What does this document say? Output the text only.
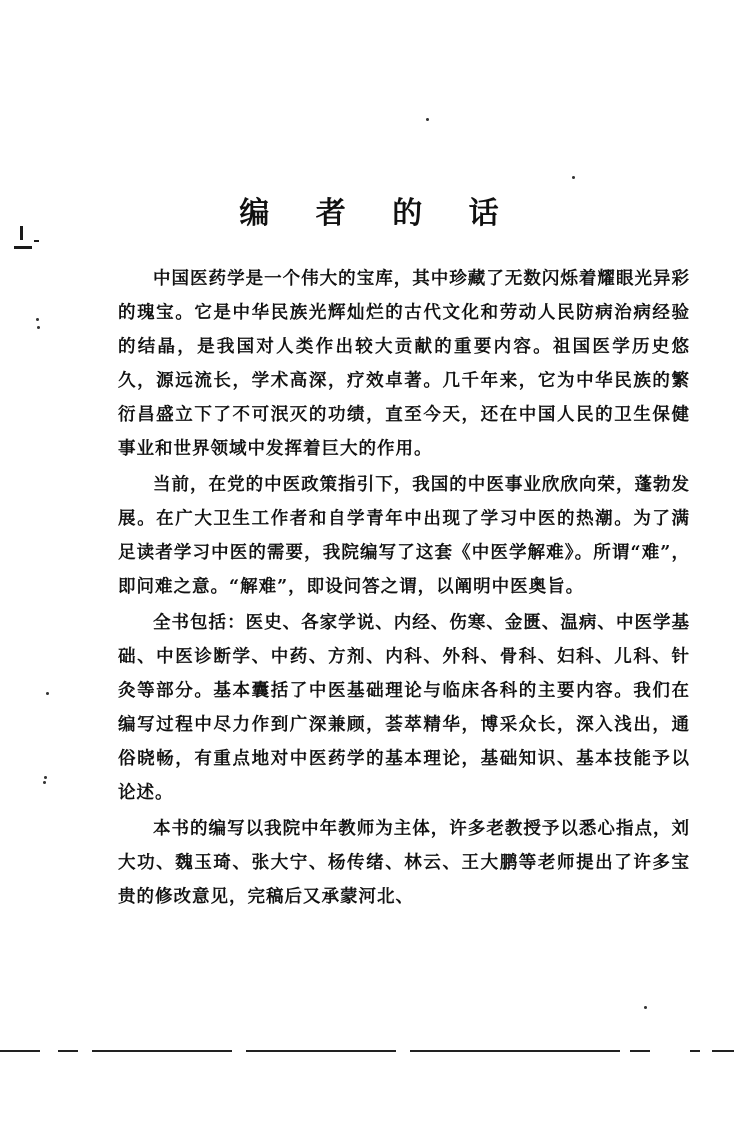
编 者 的 话

中国医药学是一个伟大的宝库，其中珍藏了无数闪烁着耀眼光异彩的瑰宝。它是中华民族光辉灿烂的古代文化和劳动人民防病治病经验的结晶，是我国对人类作出较大贡献的重要内容。祖国医学历史悠久，源远流长，学术高深，疗效卓著。几千年来，它为中华民族的繁衍昌盛立下了不可泯灭的功绩，直至今天，还在中国人民的卫生保健事业和世界领域中发挥着巨大的作用。

当前，在党的中医政策指引下，我国的中医事业欣欣向荣，蓬勃发展。在广大卫生工作者和自学青年中出现了学习中医的热潮。为了满足读者学习中医的需要，我院编写了这套《中医学解难》。所谓“难”，即问难之意。“解难”，即设问答之谓，以阐明中医奥旨。

全书包括：医史、各家学说、内经、伤寒、金匮、温病、中医学基础、中医诊断学、中药、方剂、内科、外科、骨科、妇科、儿科、针灸等部分。基本囊括了中医基础理论与临床各科的主要内容。我们在编写过程中尽力作到广深兼顾，荟萃精华，博采众长，深入浅出，通俗晓畅，有重点地对中医药学的基本理论，基础知识、基本技能予以论述。

本书的编写以我院中年教师为主体，许多老教授予以悉心指点，刘大功、魏玉琦、张大宁、杨传绪、林云、王大鹏等老师提出了许多宝贵的修改意见，完稿后又承蒙河北、
